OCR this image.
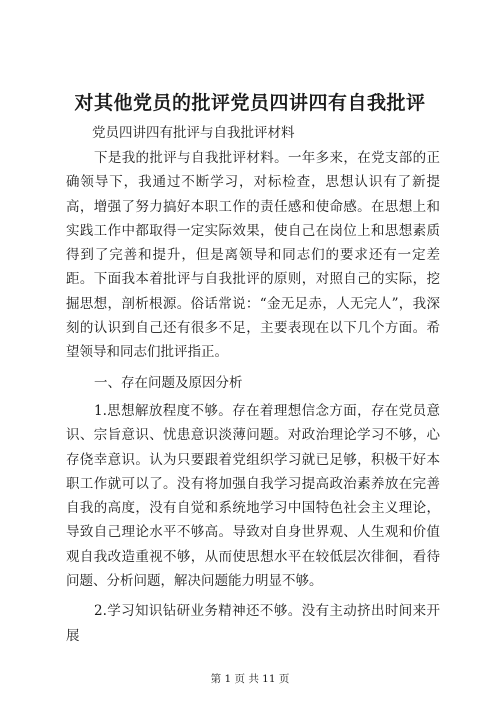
对其他党员的批评党员四讲四有自我批评

党员四讲四有批评与自我批评材料

下是我的批评与自我批评材料。一年多来，在党支部的正确领导下，我通过不断学习，对标检查，思想认识有了新提高，增强了努力搞好本职工作的责任感和使命感。在思想上和实践工作中都取得一定实际效果，使自己在岗位上和思想素质得到了完善和提升，但是离领导和同志们的要求还有一定差距。下面我本着批评与自我批评的原则，对照自己的实际，挖掘思想，剖析根源。俗话常说：“金无足赤，人无完人”，我深刻的认识到自己还有很多不足，主要表现在以下几个方面。希望领导和同志们批评指正。

一、存在问题及原因分析

1.思想解放程度不够。存在着理想信念方面，存在党员意识、宗旨意识、忧患意识淡薄问题。对政治理论学习不够，心存侥幸意识。认为只要跟着党组织学习就已足够，积极干好本职工作就可以了。没有将加强自我学习提高政治素养放在完善自我的高度，没有自觉和系统地学习中国特色社会主义理论，导致自己理论水平不够高。导致对自身世界观、人生观和价值观自我改造重视不够，从而使思想水平在较低层次徘徊，看待问题、分析问题，解决问题能力明显不够。

2.学习知识钻研业务精神还不够。没有主动挤出时间来开展

第 1 页 共 11 页
